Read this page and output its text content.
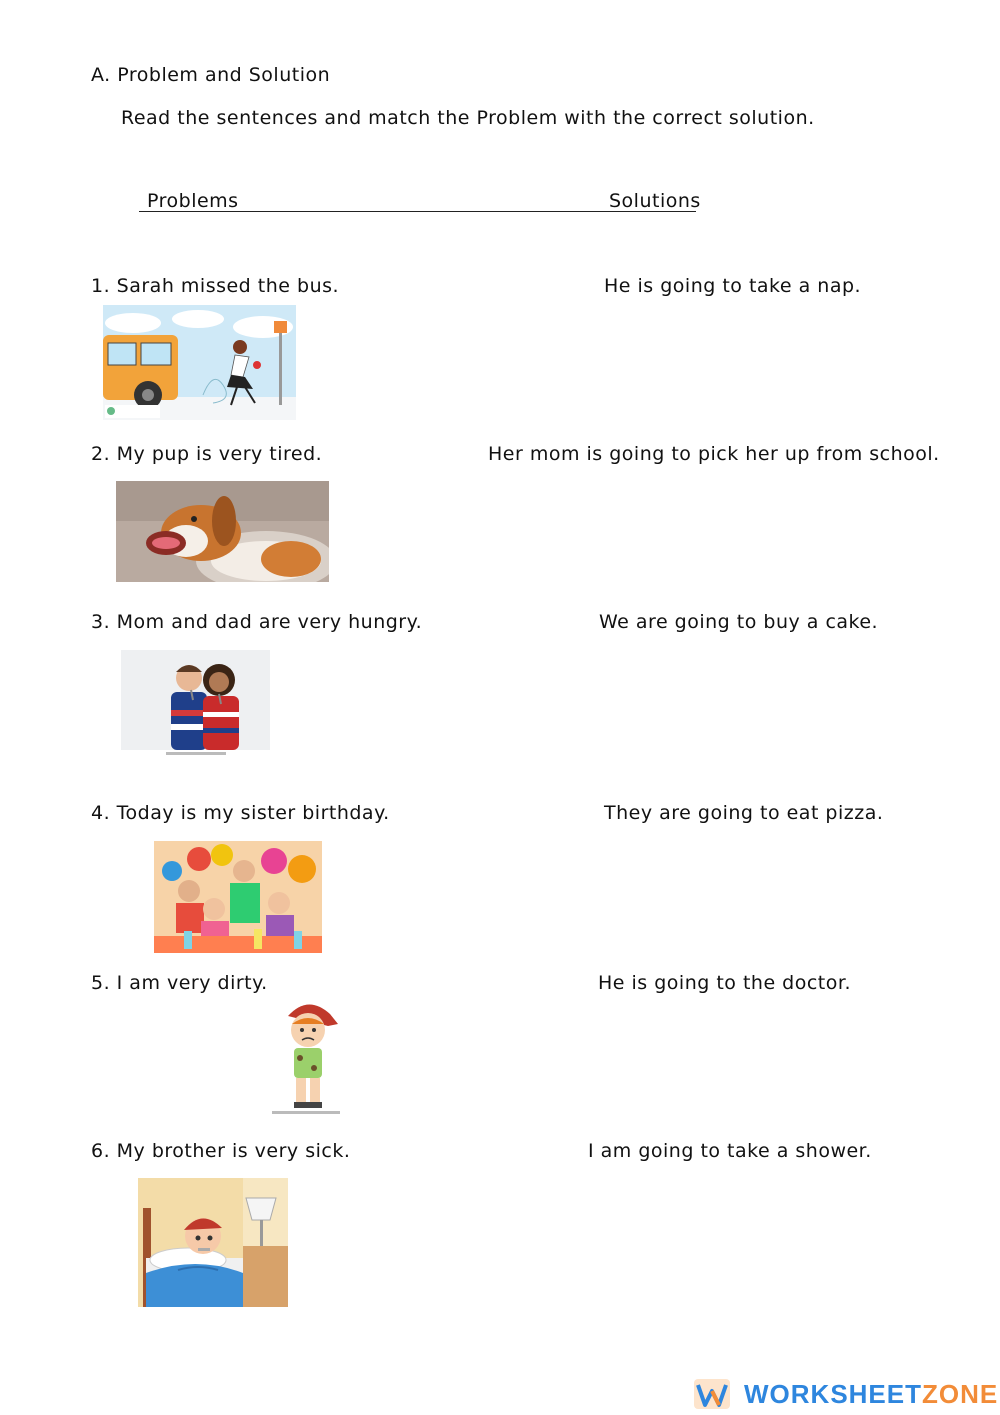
A. Problem and Solution
Read the sentences and match the Problem with the correct solution.
Problems	Solutions
1. Sarah missed the bus.
2. My pup is very tired.
3. Mom and dad are very hungry.
4. Today is my sister birthday.
5. I am very dirty.
6. My brother is very sick.
He is going to take a nap.
Her mom is going to pick her up from school.
We are going to buy a cake.
They are going to eat pizza.
He is going to the doctor.
I am going to take a shower.
WORKSHEETZONE
